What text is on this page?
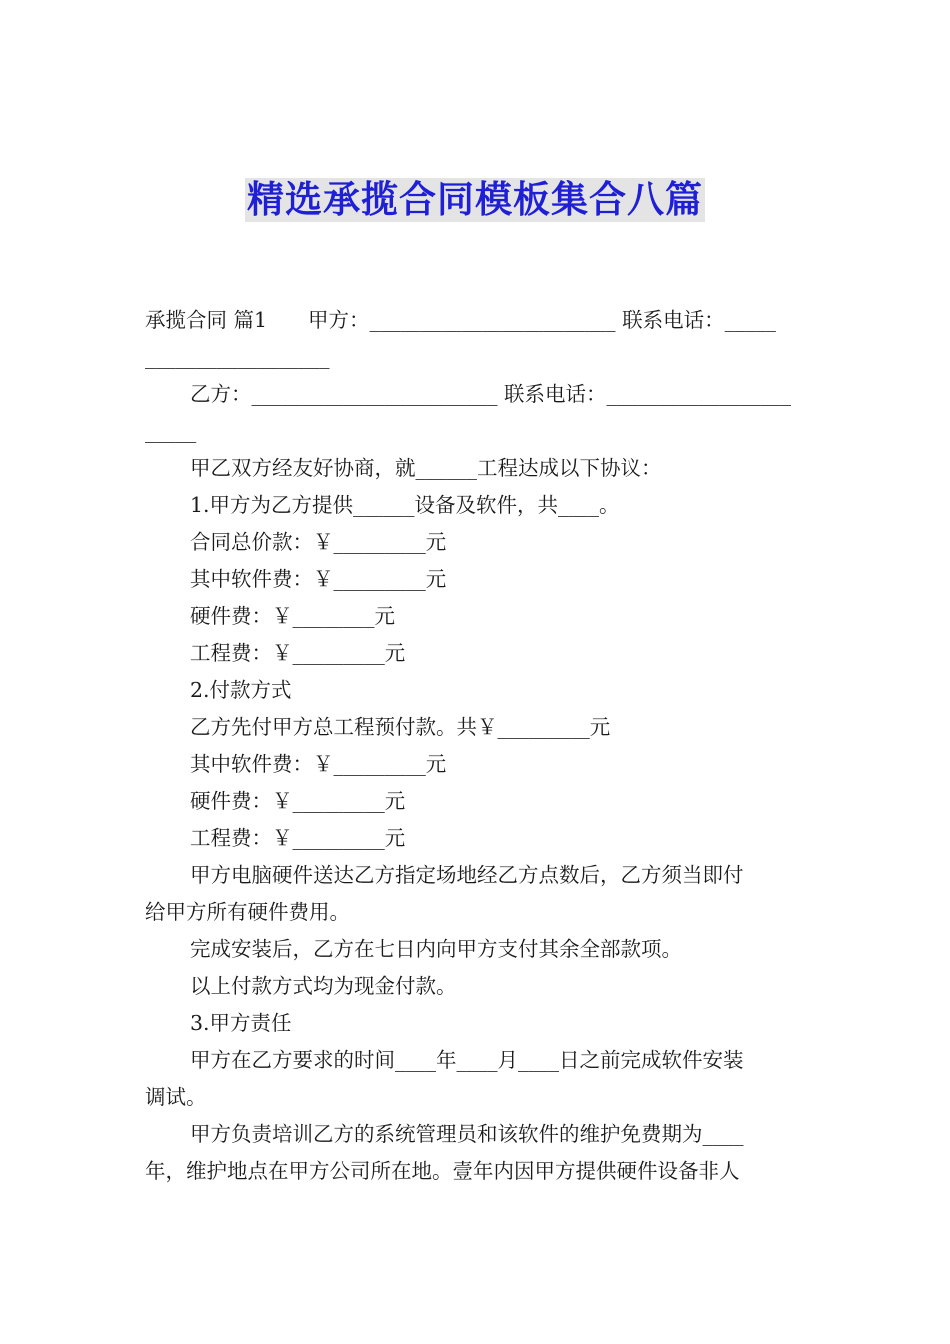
精选承揽合同模板集合八篇
承揽合同 篇1　　甲方：________________________ 联系电话：_____
__________________
乙方：________________________ 联系电话：__________________
_____
甲乙双方经友好协商，就______工程达成以下协议：
1.甲方为乙方提供______设备及软件，共____。
合同总价款：￥_________元
其中软件费：￥_________元
硬件费：￥________元
工程费：￥_________元
2.付款方式
乙方先付甲方总工程预付款。共￥_________元
其中软件费：￥_________元
硬件费：￥_________元
工程费：￥_________元
甲方电脑硬件送达乙方指定场地经乙方点数后，乙方须当即付
给甲方所有硬件费用。
完成安装后，乙方在七日内向甲方支付其余全部款项。
以上付款方式均为现金付款。
3.甲方责任
甲方在乙方要求的时间____年____月____日之前完成软件安装
调试。
甲方负责培训乙方的系统管理员和该软件的维护免费期为____
年，维护地点在甲方公司所在地。壹年内因甲方提供硬件设备非人
